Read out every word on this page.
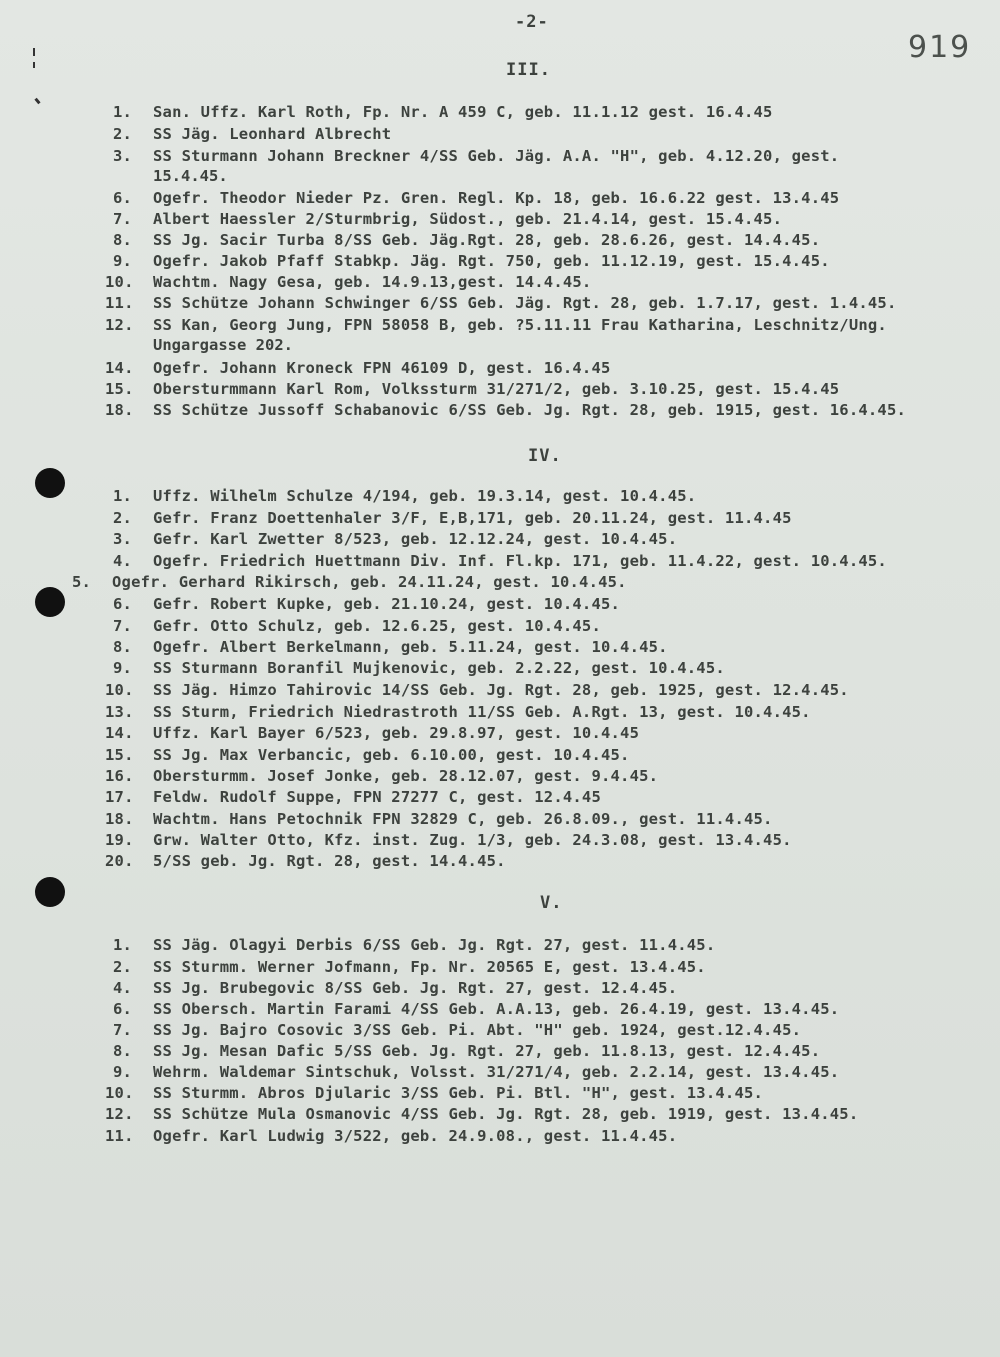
-2-
919
III.
1. San. Uffz. Karl Roth, Fp. Nr. A 459 C, geb. 11.1.12 gest. 16.4.45
2. SS Jäg. Leonhard Albrecht
3. SS Sturmann Johann Breckner 4/SS Geb. Jäg. A.A. "H", geb. 4.12.20, gest.
15.4.45.
6. Ogefr. Theodor Nieder Pz. Gren. Regl. Kp. 18, geb. 16.6.22 gest. 13.4.45
7. Albert Haessler 2/Sturmbrig, Südost., geb. 21.4.14, gest. 15.4.45.
8. SS Jg. Sacir Turba 8/SS Geb. Jäg.Rgt. 28, geb. 28.6.26, gest. 14.4.45.
9. Ogefr. Jakob Pfaff Stabkp. Jäg. Rgt. 750, geb. 11.12.19, gest. 15.4.45.
10. Wachtm. Nagy Gesa, geb. 14.9.13,gest. 14.4.45.
11. SS Schütze Johann Schwinger 6/SS Geb. Jäg. Rgt. 28, geb. 1.7.17, gest. 1.4.45.
12. SS Kan, Georg Jung, FPN 58058 B, geb. ?5.11.11 Frau Katharina, Leschnitz/Ung.
Ungargasse 202.
14. Ogefr. Johann Kroneck FPN 46109 D, gest. 16.4.45
15. Obersturmmann Karl Rom, Volkssturm 31/271/2, geb. 3.10.25, gest. 15.4.45
18. SS Schütze Jussoff Schabanovic 6/SS Geb. Jg. Rgt. 28, geb. 1915, gest. 16.4.45.
IV.
1. Uffz. Wilhelm Schulze 4/194, geb. 19.3.14, gest. 10.4.45.
2. Gefr. Franz Doettenhaler 3/F, E,B,171, geb. 20.11.24, gest. 11.4.45
3. Gefr. Karl Zwetter 8/523, geb. 12.12.24, gest. 10.4.45.
4. Ogefr. Friedrich Huettmann Div. Inf. Fl.kp. 171, geb. 11.4.22, gest. 10.4.45.
5. Ogefr. Gerhard Rikirsch, geb. 24.11.24, gest. 10.4.45.
6. Gefr. Robert Kupke, geb. 21.10.24, gest. 10.4.45.
7. Gefr. Otto Schulz, geb. 12.6.25, gest. 10.4.45.
8. Ogefr. Albert Berkelmann, geb. 5.11.24, gest. 10.4.45.
9. SS Sturmann Boranfil Mujkenovic, geb. 2.2.22, gest. 10.4.45.
10. SS Jäg. Himzo Tahirovic 14/SS Geb. Jg. Rgt. 28, geb. 1925, gest. 12.4.45.
13. SS Sturm, Friedrich Niedrastroth 11/SS Geb. A.Rgt. 13, gest. 10.4.45.
14. Uffz. Karl Bayer 6/523, geb. 29.8.97, gest. 10.4.45
15. SS Jg. Max Verbancic, geb. 6.10.00, gest. 10.4.45.
16. Obersturmm. Josef Jonke, geb. 28.12.07, gest. 9.4.45.
17. Feldw. Rudolf Suppe, FPN 27277 C, gest. 12.4.45
18. Wachtm. Hans Petochnik FPN 32829 C, geb. 26.8.09., gest. 11.4.45.
19. Grw. Walter Otto, Kfz. inst. Zug. 1/3, geb. 24.3.08, gest. 13.4.45.
20. 5/SS geb. Jg. Rgt. 28, gest. 14.4.45.
V.
1. SS Jäg. Olagyi Derbis 6/SS Geb. Jg. Rgt. 27, gest. 11.4.45.
2. SS Sturmm. Werner Jofmann, Fp. Nr. 20565 E, gest. 13.4.45.
4. SS Jg. Brubegovic 8/SS Geb. Jg. Rgt. 27, gest. 12.4.45.
6. SS Obersch. Martin Farami 4/SS Geb. A.A.13, geb. 26.4.19, gest. 13.4.45.
7. SS Jg. Bajro Cosovic 3/SS Geb. Pi. Abt. "H" geb. 1924, gest.12.4.45.
8. SS Jg. Mesan Dafic 5/SS Geb. Jg. Rgt. 27, geb. 11.8.13, gest. 12.4.45.
9. Wehrm. Waldemar Sintschuk, Volsst. 31/271/4, geb. 2.2.14, gest. 13.4.45.
10. SS Sturmm. Abros Djularic 3/SS Geb. Pi. Btl. "H", gest. 13.4.45.
12. SS Schütze Mula Osmanovic 4/SS Geb. Jg. Rgt. 28, geb. 1919, gest. 13.4.45.
11. Ogefr. Karl Ludwig 3/522, geb. 24.9.08., gest. 11.4.45.
